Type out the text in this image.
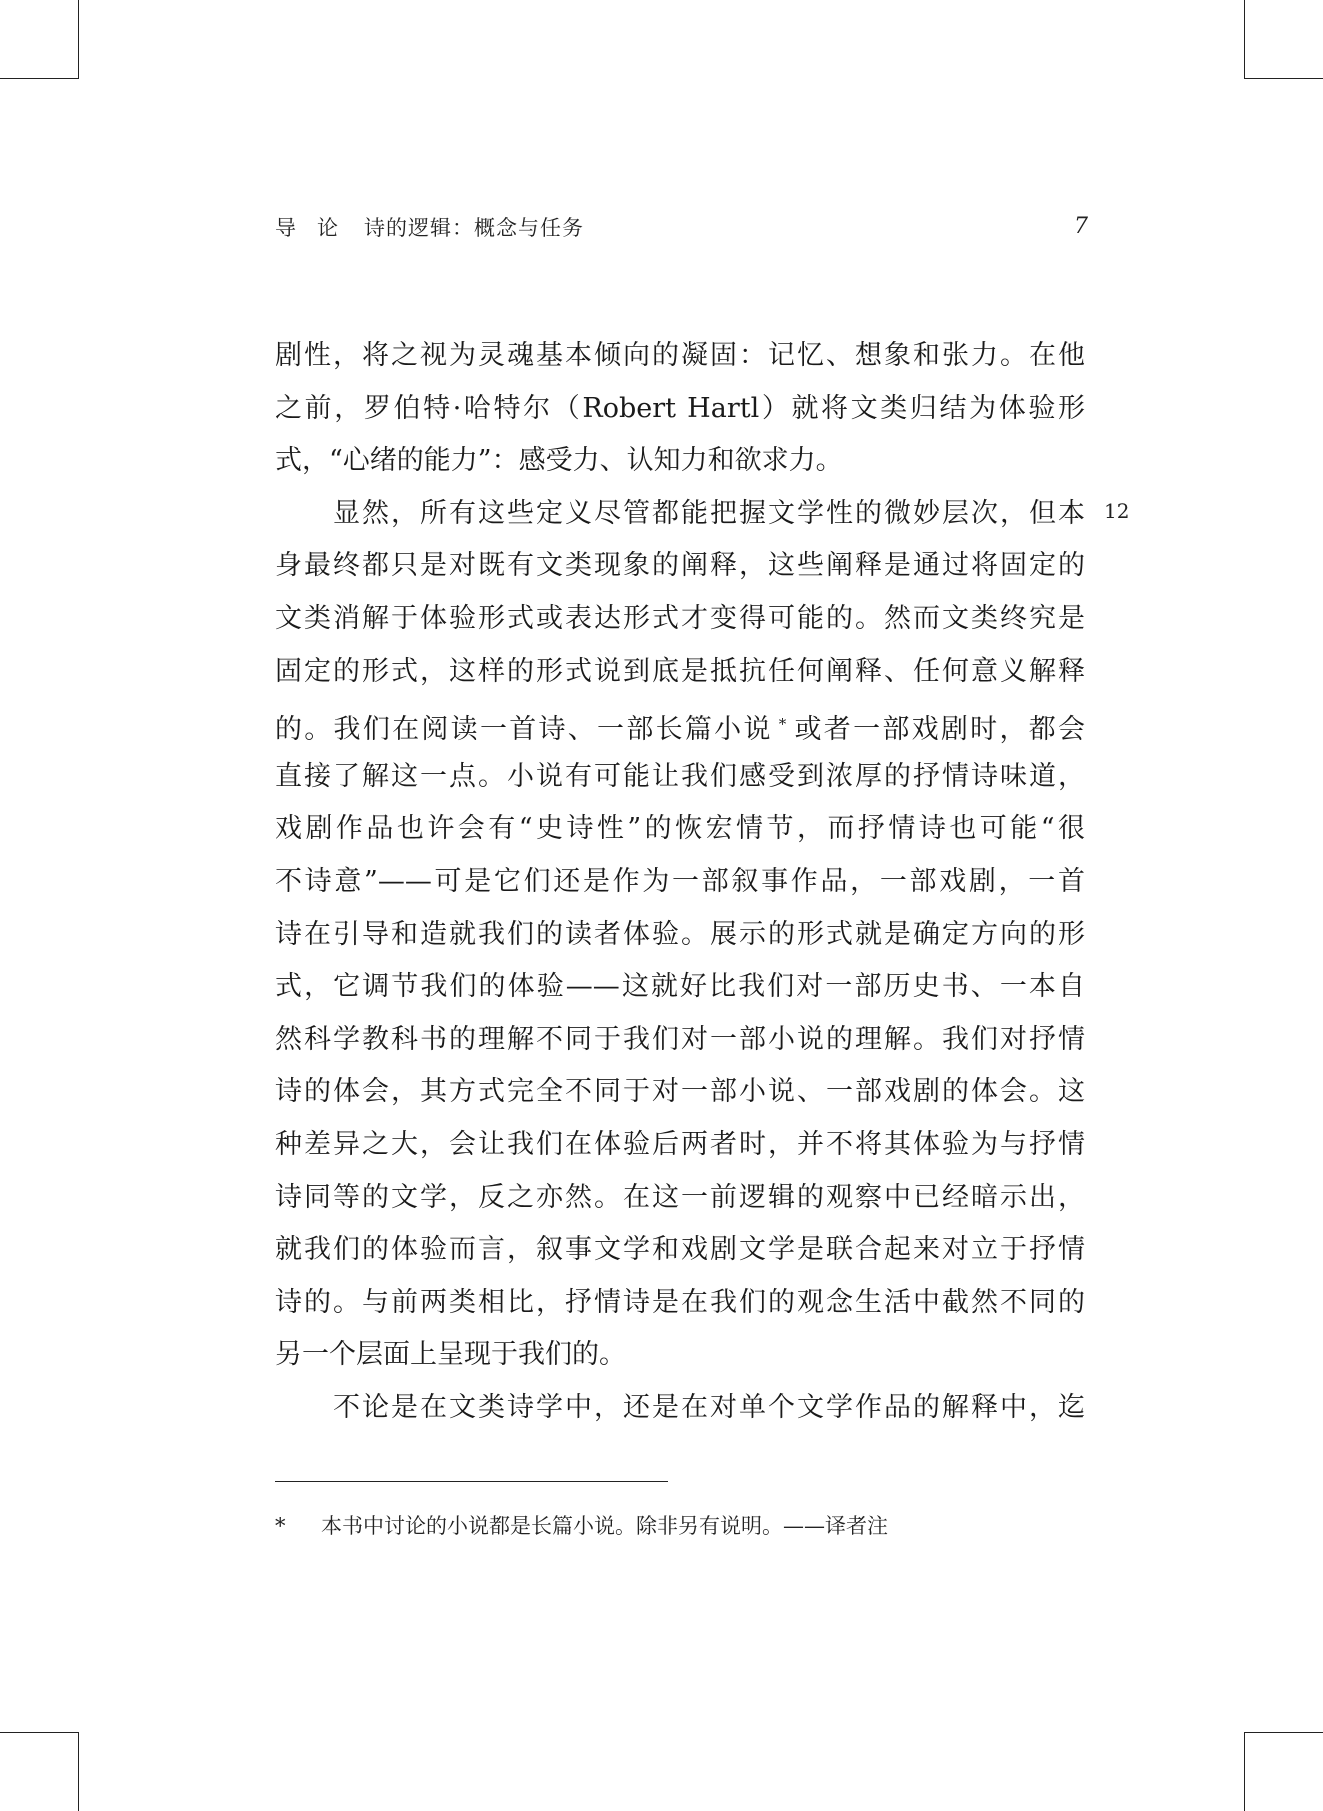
导　论 诗的逻辑：概念与任务	7
12
剧性，将之视为灵魂基本倾向的凝固：记忆、想象和张力。在他
之前，罗伯特·哈特尔（Robert Hartl）就将文类归结为体验形
式，“心绪的能力”：感受力、认知力和欲求力。
显然，所有这些定义尽管都能把握文学性的微妙层次，但本
身最终都只是对既有文类现象的阐释，这些阐释是通过将固定的
文类消解于体验形式或表达形式才变得可能的。然而文类终究是
固定的形式，这样的形式说到底是抵抗任何阐释、任何意义解释
的。我们在阅读一首诗、一部长篇小说 * 或者一部戏剧时，都会
直接了解这一点。小说有可能让我们感受到浓厚的抒情诗味道，
戏剧作品也许会有“史诗性”的恢宏情节，而抒情诗也可能“很
不诗意”——可是它们还是作为一部叙事作品，一部戏剧，一首
诗在引导和造就我们的读者体验。展示的形式就是确定方向的形
式，它调节我们的体验——这就好比我们对一部历史书、一本自
然科学教科书的理解不同于我们对一部小说的理解。我们对抒情
诗的体会，其方式完全不同于对一部小说、一部戏剧的体会。这
种差异之大，会让我们在体验后两者时，并不将其体验为与抒情
诗同等的文学，反之亦然。在这一前逻辑的观察中已经暗示出，
就我们的体验而言，叙事文学和戏剧文学是联合起来对立于抒情
诗的。与前两类相比，抒情诗是在我们的观念生活中截然不同的
另一个层面上呈现于我们的。
不论是在文类诗学中，还是在对单个文学作品的解释中，迄
* 本书中讨论的小说都是长篇小说。除非另有说明。——译者注
